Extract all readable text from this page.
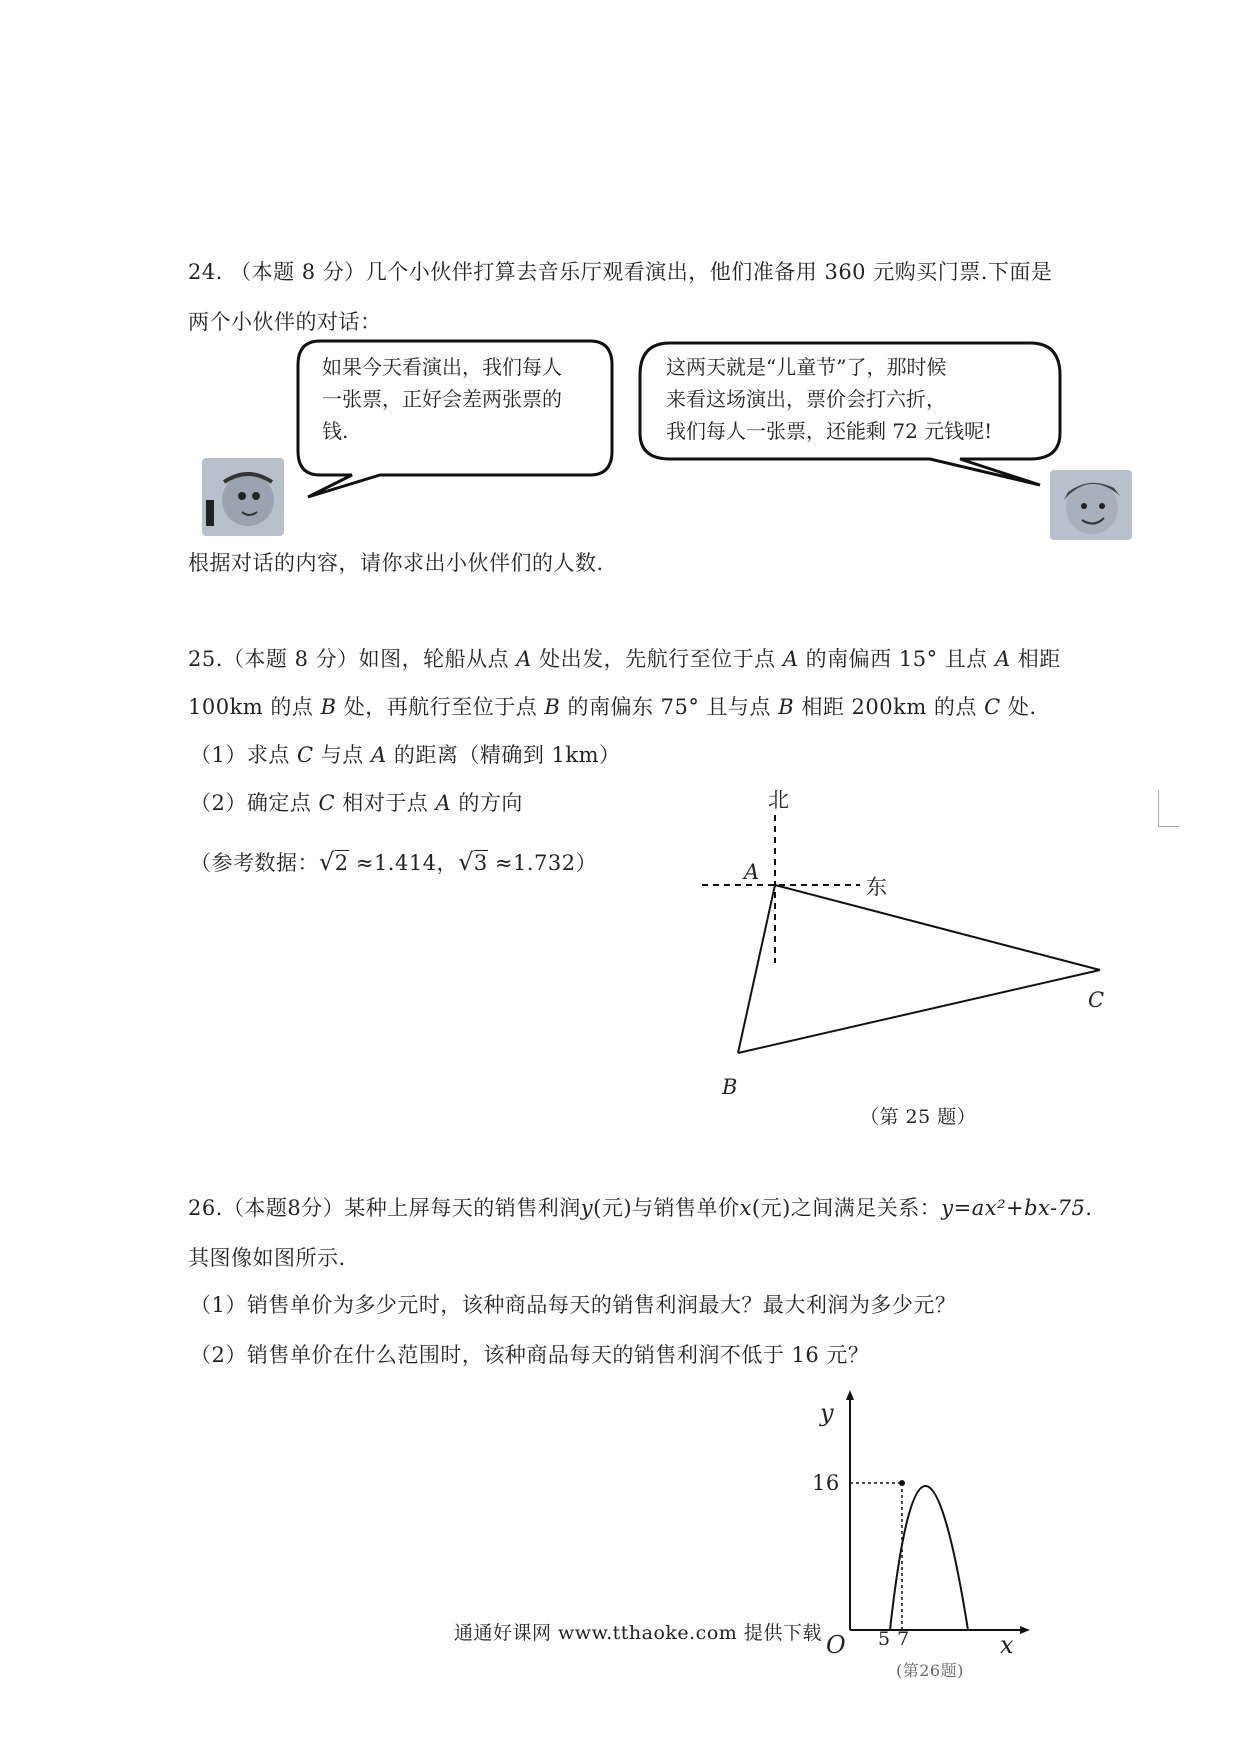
24. （本题 8 分）几个小伙伴打算去音乐厅观看演出，他们准备用 360 元购买门票.下面是
两个小伙伴的对话：
如果今天看演出，我们每人
一张票，正好会差两张票的
钱.
这两天就是“儿童节”了，那时候
来看这场演出，票价会打六折，
我们每人一张票，还能剩 72 元钱呢!
根据对话的内容，请你求出小伙伴们的人数.
25.（本题 8 分）如图，轮船从点 A 处出发，先航行至位于点 A 的南偏西 15° 且点 A 相距
100km 的点 B 处，再航行至位于点 B 的南偏东 75° 且与点 B 相距 200km 的点 C 处.
（1）求点 C 与点 A 的距离（精确到 1km）
（2）确定点 C 相对于点 A 的方向
（参考数据：√2 ≈1.414，√3 ≈1.732）
北
东
A
B
C
（第 25 题）
26.（本题8分）某种上屏每天的销售利润y(元)与销售单价x(元)之间满足关系：y=ax²+bx-75.
其图像如图所示.
（1）销售单价为多少元时，该种商品每天的销售利润最大？最大利润为多少元？
（2）销售单价在什么范围时，该种商品每天的销售利润不低于 16 元？
y
16
O 5 7	x
(第26题)
通通好课网 www.tthaoke.com 提供下载
